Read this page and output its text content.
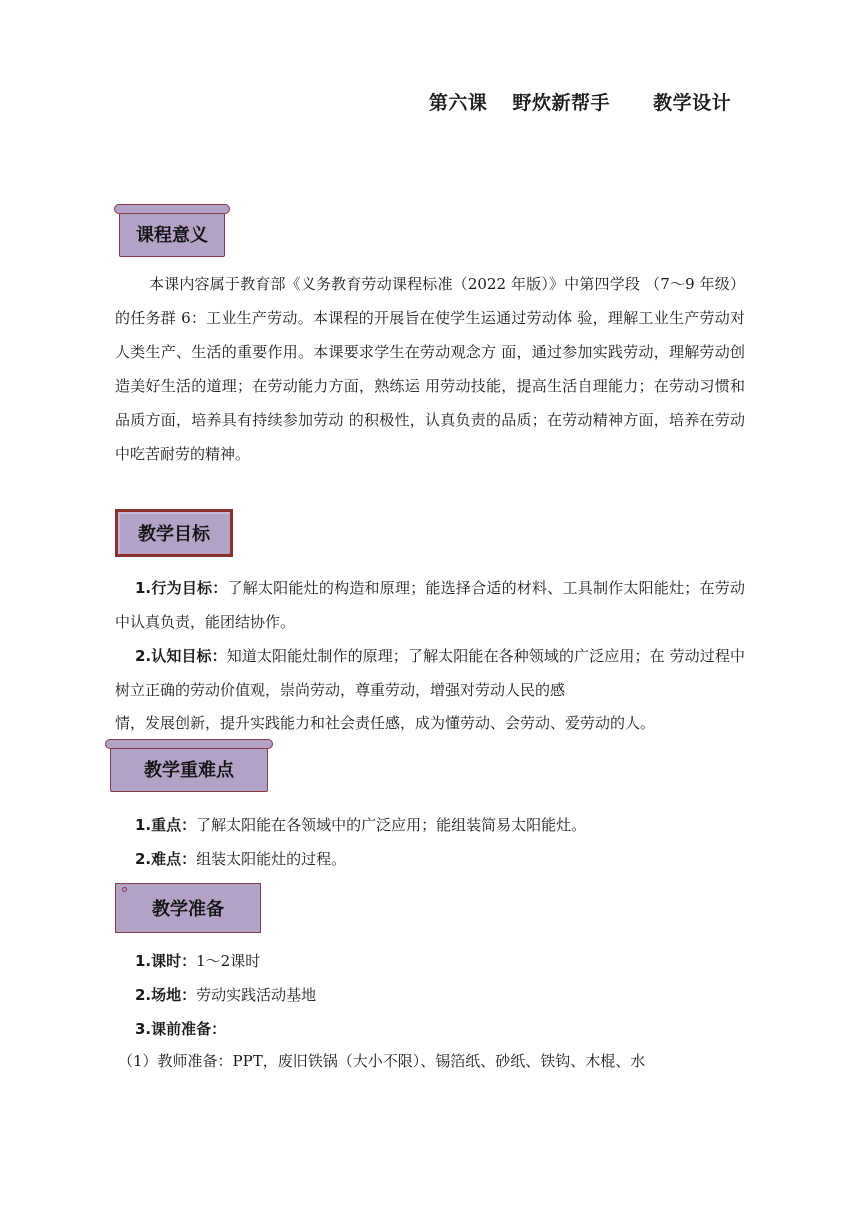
第六课 野炊新帮手 教学设计
课程意义
本课内容属于教育部《义务教育劳动课程标准（2022 年版）》中第四学段 （7～9 年级）的任务群 6：工业生产劳动。本课程的开展旨在使学生运通过劳动体 验，理解工业生产劳动对人类生产、生活的重要作用。本课要求学生在劳动观念方 面，通过参加实践劳动，理解劳动创造美好生活的道理；在劳动能力方面，熟练运 用劳动技能，提高生活自理能力；在劳动习惯和品质方面，培养具有持续参加劳动 的积极性，认真负责的品质；在劳动精神方面，培养在劳动中吃苦耐劳的精神。
教学目标
1.行为目标：了解太阳能灶的构造和原理；能选择合适的材料、工具制作太阳能灶；在劳动中认真负责，能团结协作。
2.认知目标：知道太阳能灶制作的原理；了解太阳能在各种领域的广泛应用；在 劳动过程中树立正确的劳动价值观，崇尚劳动，尊重劳动，增强对劳动人民的感
情，发展创新，提升实践能力和社会责任感，成为懂劳动、会劳动、爱劳动的人。
教学重难点
1.重点：了解太阳能在各领域中的广泛应用；能组装简易太阳能灶。
2.难点：组装太阳能灶的过程。
教学准备
1.课时：1～2课时
2.场地：劳动实践活动基地
3.课前准备：
（1）教师准备：PPT，废旧铁锅（大小不限）、锡箔纸、砂纸、铁钩、木棍、水
